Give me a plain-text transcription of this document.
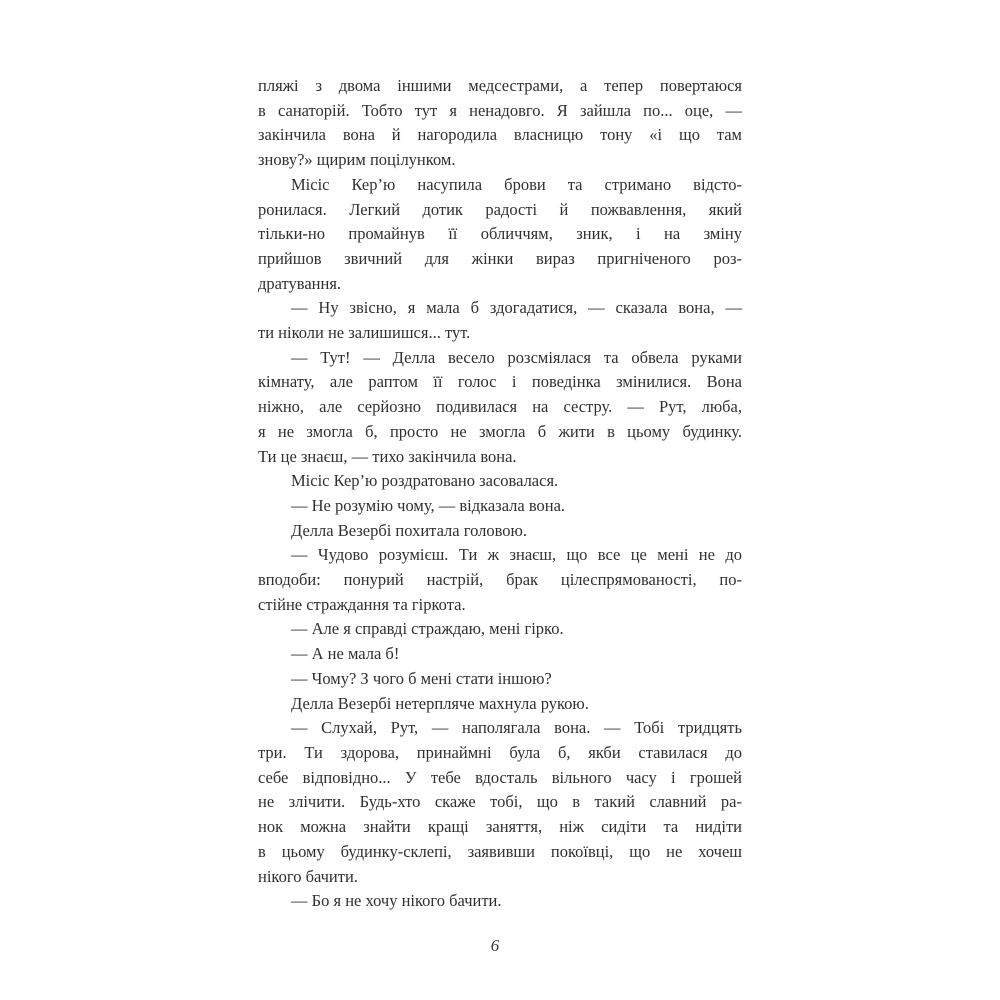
пляжі з двома іншими медсестрами, а тепер повертаюся
в санаторій. Тобто тут я ненадовго. Я зайшла по... оце, —
закінчила вона й нагородила власницю тону «і що там
знову?» щирим поцілунком.
Місіс Кер’ю насупила брови та стримано відсто-
ронилася. Легкий дотик радості й пожвавлення, який
тільки-но промайнув її обличчям, зник, і на зміну
прийшов звичний для жінки вираз пригніченого роз-
дратування.
— Ну звісно, я мала б здогадатися, — сказала вона, —
ти ніколи не залишишся... тут.
— Тут! — Делла весело розсміялася та обвела руками
кімнату, але раптом її голос і поведінка змінилися. Вона
ніжно, але серйозно подивилася на сестру. — Рут, люба,
я не змогла б, просто не змогла б жити в цьому будинку.
Ти це знаєш, — тихо закінчила вона.
Місіс Кер’ю роздратовано засовалася.
— Не розумію чому, — відказала вона.
Делла Везербі похитала головою.
— Чудово розумієш. Ти ж знаєш, що все це мені не до
вподоби: понурий настрій, брак цілеспрямованості, по-
стійне страждання та гіркота.
— Але я справді страждаю, мені гірко.
— А не мала б!
— Чому? З чого б мені стати іншою?
Делла Везербі нетерпляче махнула рукою.
— Слухай, Рут, — наполягала вона. — Тобі тридцять
три. Ти здорова, принаймні була б, якби ставилася до
себе відповідно... У тебе вдосталь вільного часу і грошей
не злічити. Будь-хто скаже тобі, що в такий славний ра-
нок можна знайти кращі заняття, ніж сидіти та нидіти
в цьому будинку-склепі, заявивши покоївці, що не хочеш
нікого бачити.
— Бо я не хочу нікого бачити.
6
